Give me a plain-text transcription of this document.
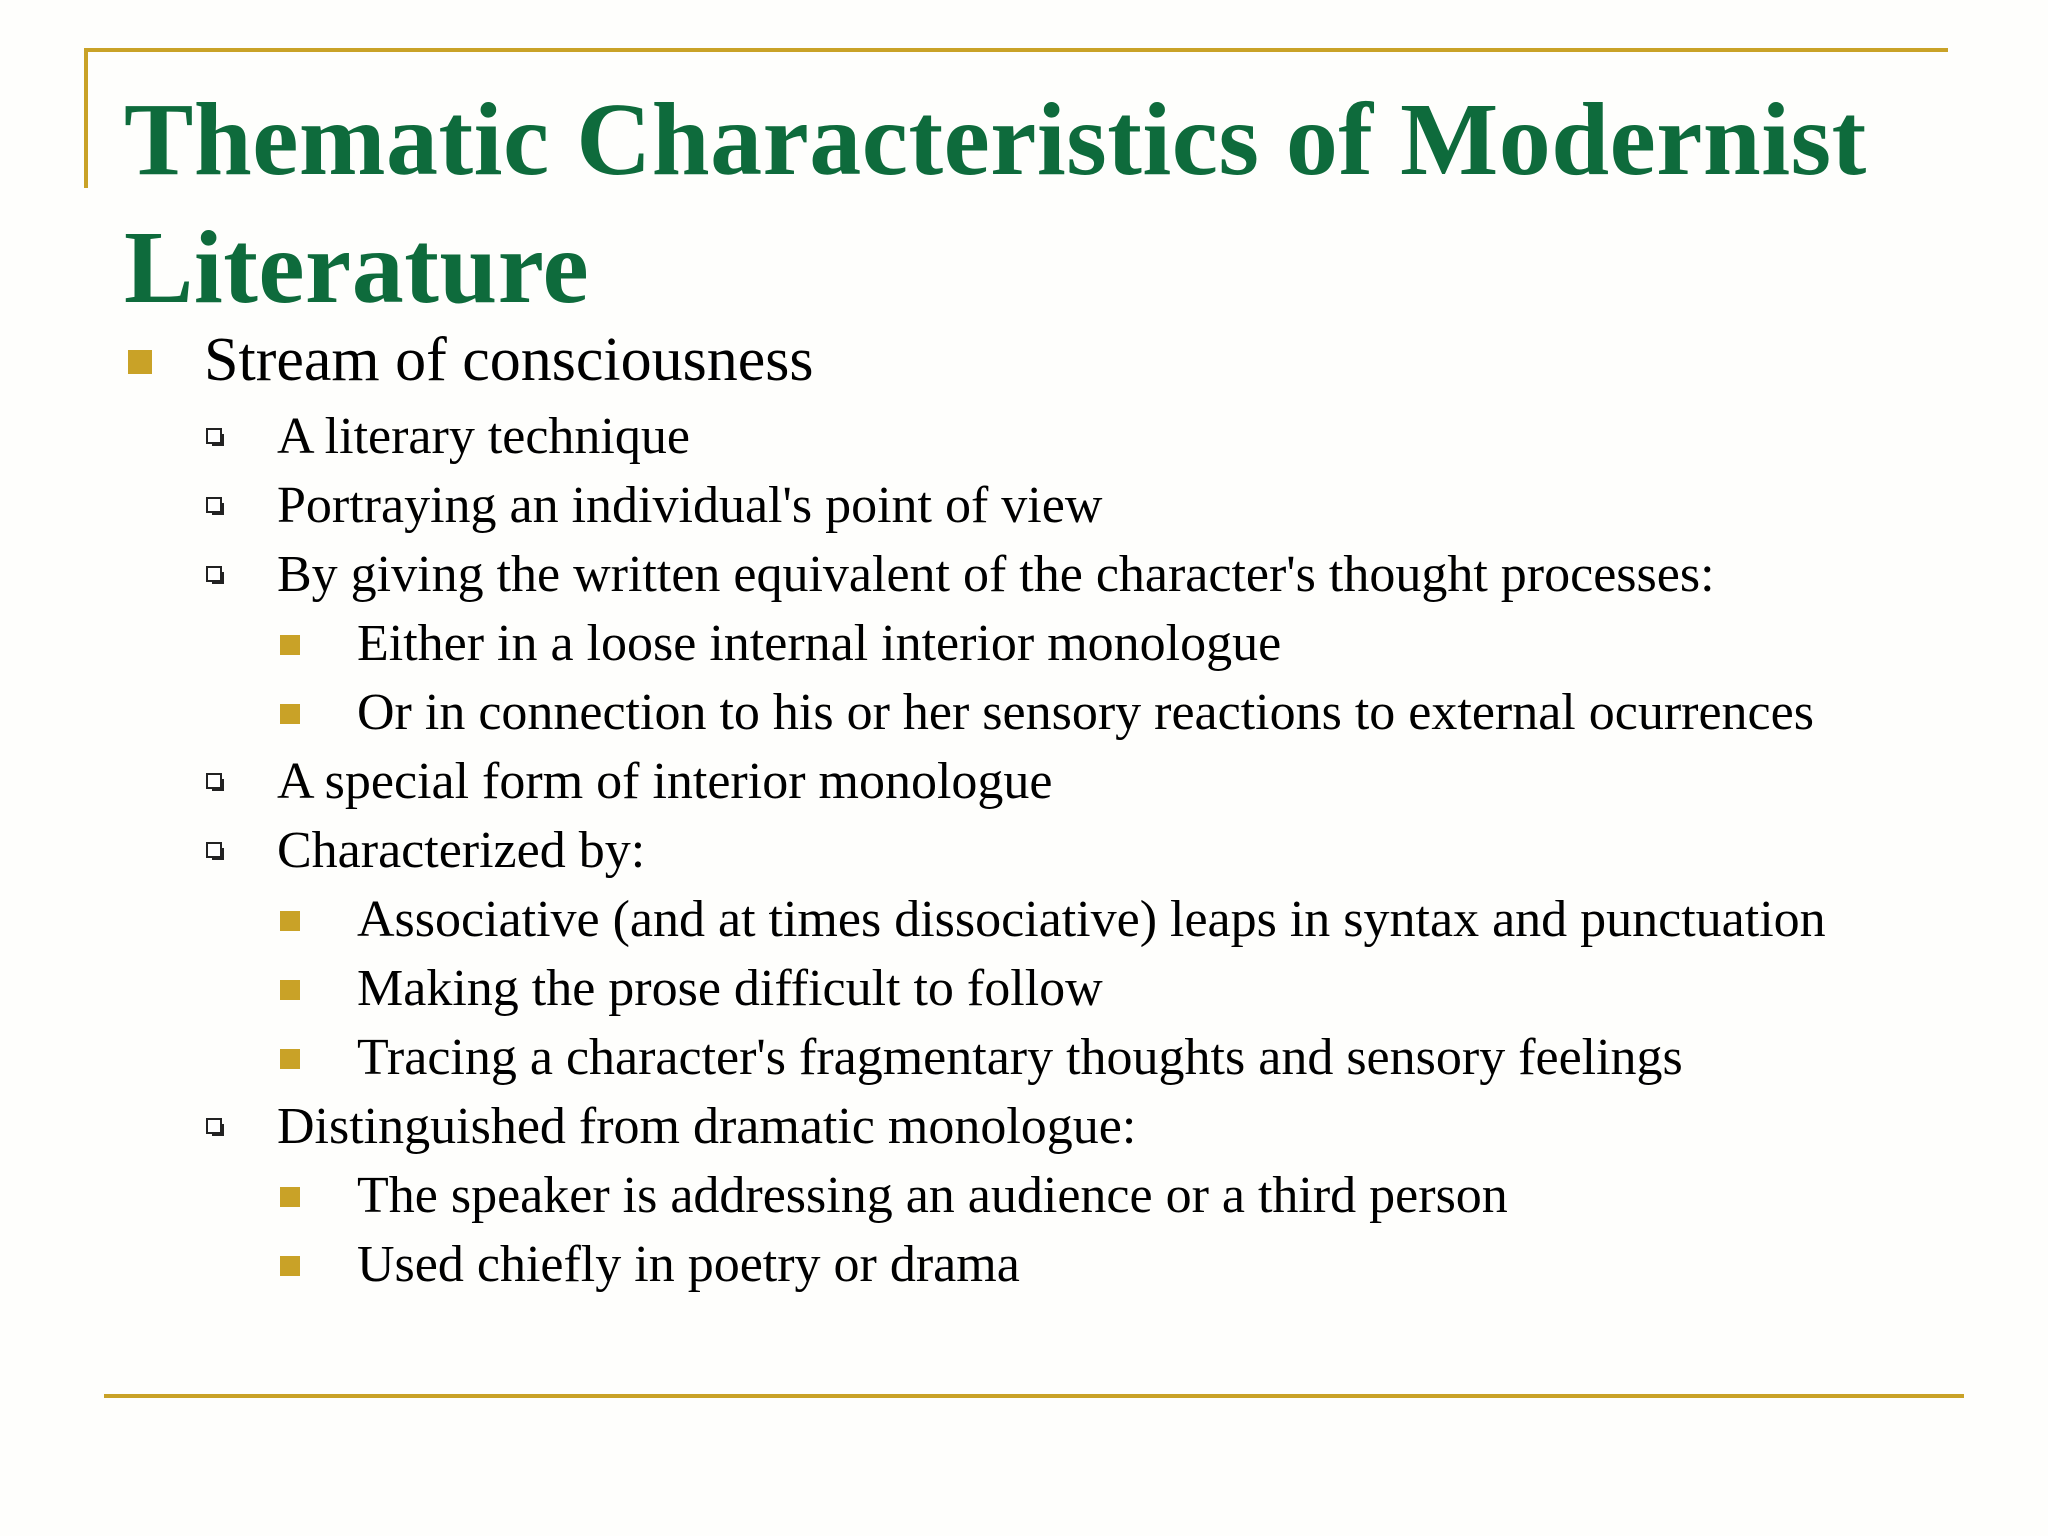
Thematic Characteristics of Modernist Literature
Stream of consciousness
A literary technique
Portraying an individual's point of view
By giving the written equivalent of the character's thought processes:
Either in a loose internal interior monologue
Or in connection to his or her sensory reactions to external ocurrences
A special form of interior monologue
Characterized by:
Associative (and at times dissociative) leaps in syntax and punctuation
Making the prose difficult to follow
Tracing a character's fragmentary thoughts and sensory feelings
Distinguished from dramatic monologue:
The speaker is addressing an audience or a third person
Used chiefly in poetry or drama
